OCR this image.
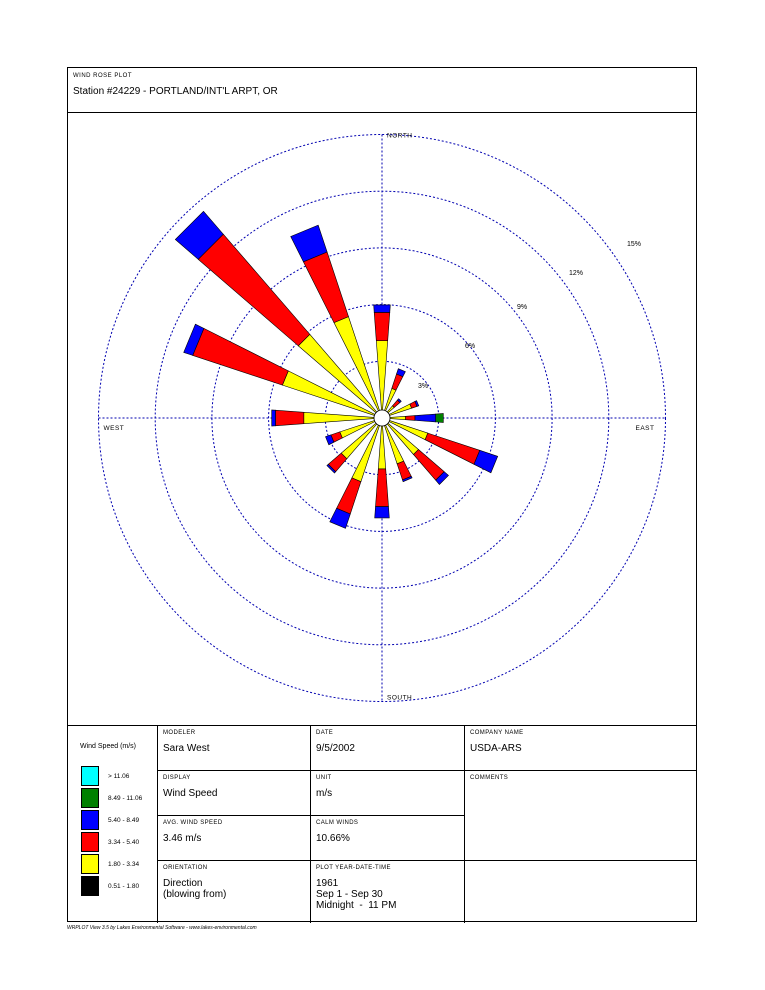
WIND ROSE PLOT
Station #24229 - PORTLAND/INT'L ARPT, OR
3%
6%
9%
12%
15%
NORTH
SOUTH
EAST
WEST
Wind Speed (m/s)
> 11.06
8.49 - 11.06
5.40 - 8.49
3.34 - 5.40
1.80 - 3.34
0.51 - 1.80
MODELER
Sara West
DATE
9/5/2002
COMPANY NAME
USDA-ARS
DISPLAY
Wind Speed
UNIT
m/s
COMMENTS
AVG. WIND SPEED
3.46 m/s
CALM WINDS
10.66%
ORIENTATION
Direction
(blowing from)
PLOT YEAR-DATE-TIME
1961
Sep 1 - Sep 30
Midnight  -  11 PM
WRPLOT View 3.5 by Lakes Environmental Software - www.lakes-environmental.com
